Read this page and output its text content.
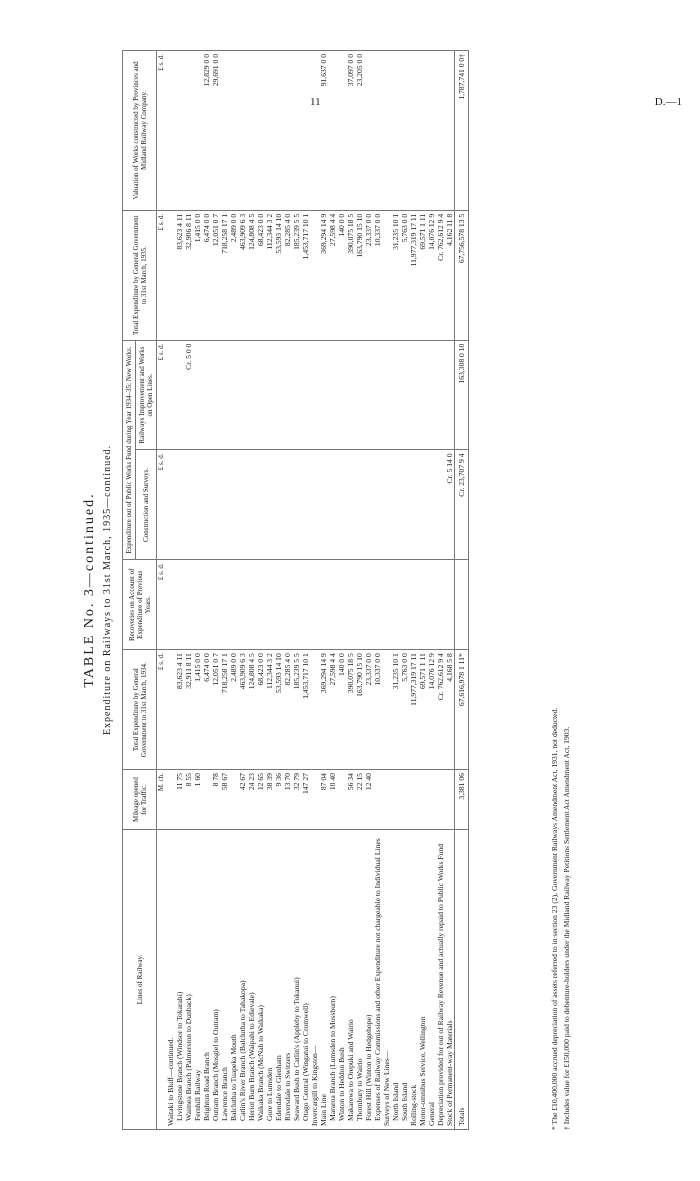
11	D.—1
TABLE No. 3—continued. Expenditure on Railways to 31st March, 1935—continued.
Lines of Railway.	Mileage opened for Traffic.	Total Expenditure by General Government to 31st March, 1934.	Recoveries on Account of Expenditure of Previous Years.	Expenditure out of Public Works Fund during Year 1934–35: New Works.		Total Expenditure by General Government to 31st March, 1935.	Valuation of Works constructed by Provinces and Midland Railway Company.
				Construction and Surveys.	Railways Improvement and Works on Open Lines.		
	M. ch.	£ s. d.	£ s. d.	£ s. d.	£ s. d.	£ s. d.	£ s. d.
Waitaki to Bluff—continued.							
Livingstone Branch (Windsor to Tokarahi)	11 75	83,623 4 11				83,623 4 11	
Waimea Branch (Palmerston to Dunback)	8 55	32,911 8 11			Cr. 5 0 0	32,906 8 11	
Fernhill Railway	1 60	1,415 0 0				1,415 0 0	
Brighton Road Branch		6,474 0 0				6,474 0 0	12,829 0 0
Outram Branch (Mosgiel to Outram)	8 78	12,051 0 7				12,051 0 7	29,691 0 0
Lawrence Branch	58 67	718,258 17 1				718,258 17 1	
Balclutha to Tuapeka Mouth		2,489 0 0				2,489 0 0	
Catlin's River Branch (Balclutha to Tahakopa)	42 67	463,909 6 3				463,909 6 3	
Heriot Burn Branch (Waipahi to Edievale)	24 23	124,808 4 5				124,808 4 5	
Waikaka Branch (McNab to Waikaka)	12 65	68,423 0 0				68,423 0 0	
Gore to Lumsden	38 39	112,344 3 2				112,344 3 2	
Edendale to Glenham	9 36	53,593 14 10				53,593 14 10	
Riversdale to Switzers	13 70	82,285 4 0				82,285 4 0	
Seaward Bush to Catlin's (Appleby to Tokanui)	32 79	185,239 5 5				185,239 5 5	
Otago Central (Wingatui to Cromwell)	147 27	1,453,717 10 1				1,453,717 10 1	
Invercargill to Kingston—							
Main Line	87 04	369,294 14 9				369,294 14 9	91,637 0 0
Mararoa Branch (Lumsden to Mossburn)	10 40	27,598 4 4				27,598 4 4	
Winton to Heddon Bush		140 0 0				140 0 0	
Makarewa to Orepuki and Wairio	56 34	390,075 18 5				390,075 18 5	37,097 0 0
Thornbury to Wairio	22 15	163,790 15 10				163,790 15 10	23,205 0 0
Forest Hill (Winton to Hedgehope)	12 40	23,337 0 0				23,337 0 0	
Expenses of Railway Commissions and other Expenditure not chargeable to Individual Lines		10,337 0 0				10,337 0 0	
Surveys of New Lines—							
North Island		31,235 10 1				31,235 10 1	
South Island		5,763 0 0				5,763 0 0	
Rolling-stock		11,977,319 17 11				11,977,319 17 11	
Motor-omnibus Service, Wellington		69,571 1 11				69,571 1 11	
General		14,076 12 9				14,076 12 9	
Depreciation provided for out of Railway Revenue and actually repaid to Public Works Fund		Cr. 762,612 9 4				Cr. 762,612 9 4	
Stock of Permanent-way Materials		4,168 5 8		Cr. 5 14 0		4,162 11 8	
Totals	3,381 06	67,616,978 1 11*		Cr. 23,707 9 4	163,308 0 10	67,756,578 13 5	1,787,741 0 0†
* The £10,400,000 accrued depreciation of assets referred to in section 23 (2), Government Railways Amendment Act, 1931, not deducted. † Includes value for £150,000 paid to debenture-holders under the Midland Railway Petitions Settlement Act Amendment Act, 1903.
